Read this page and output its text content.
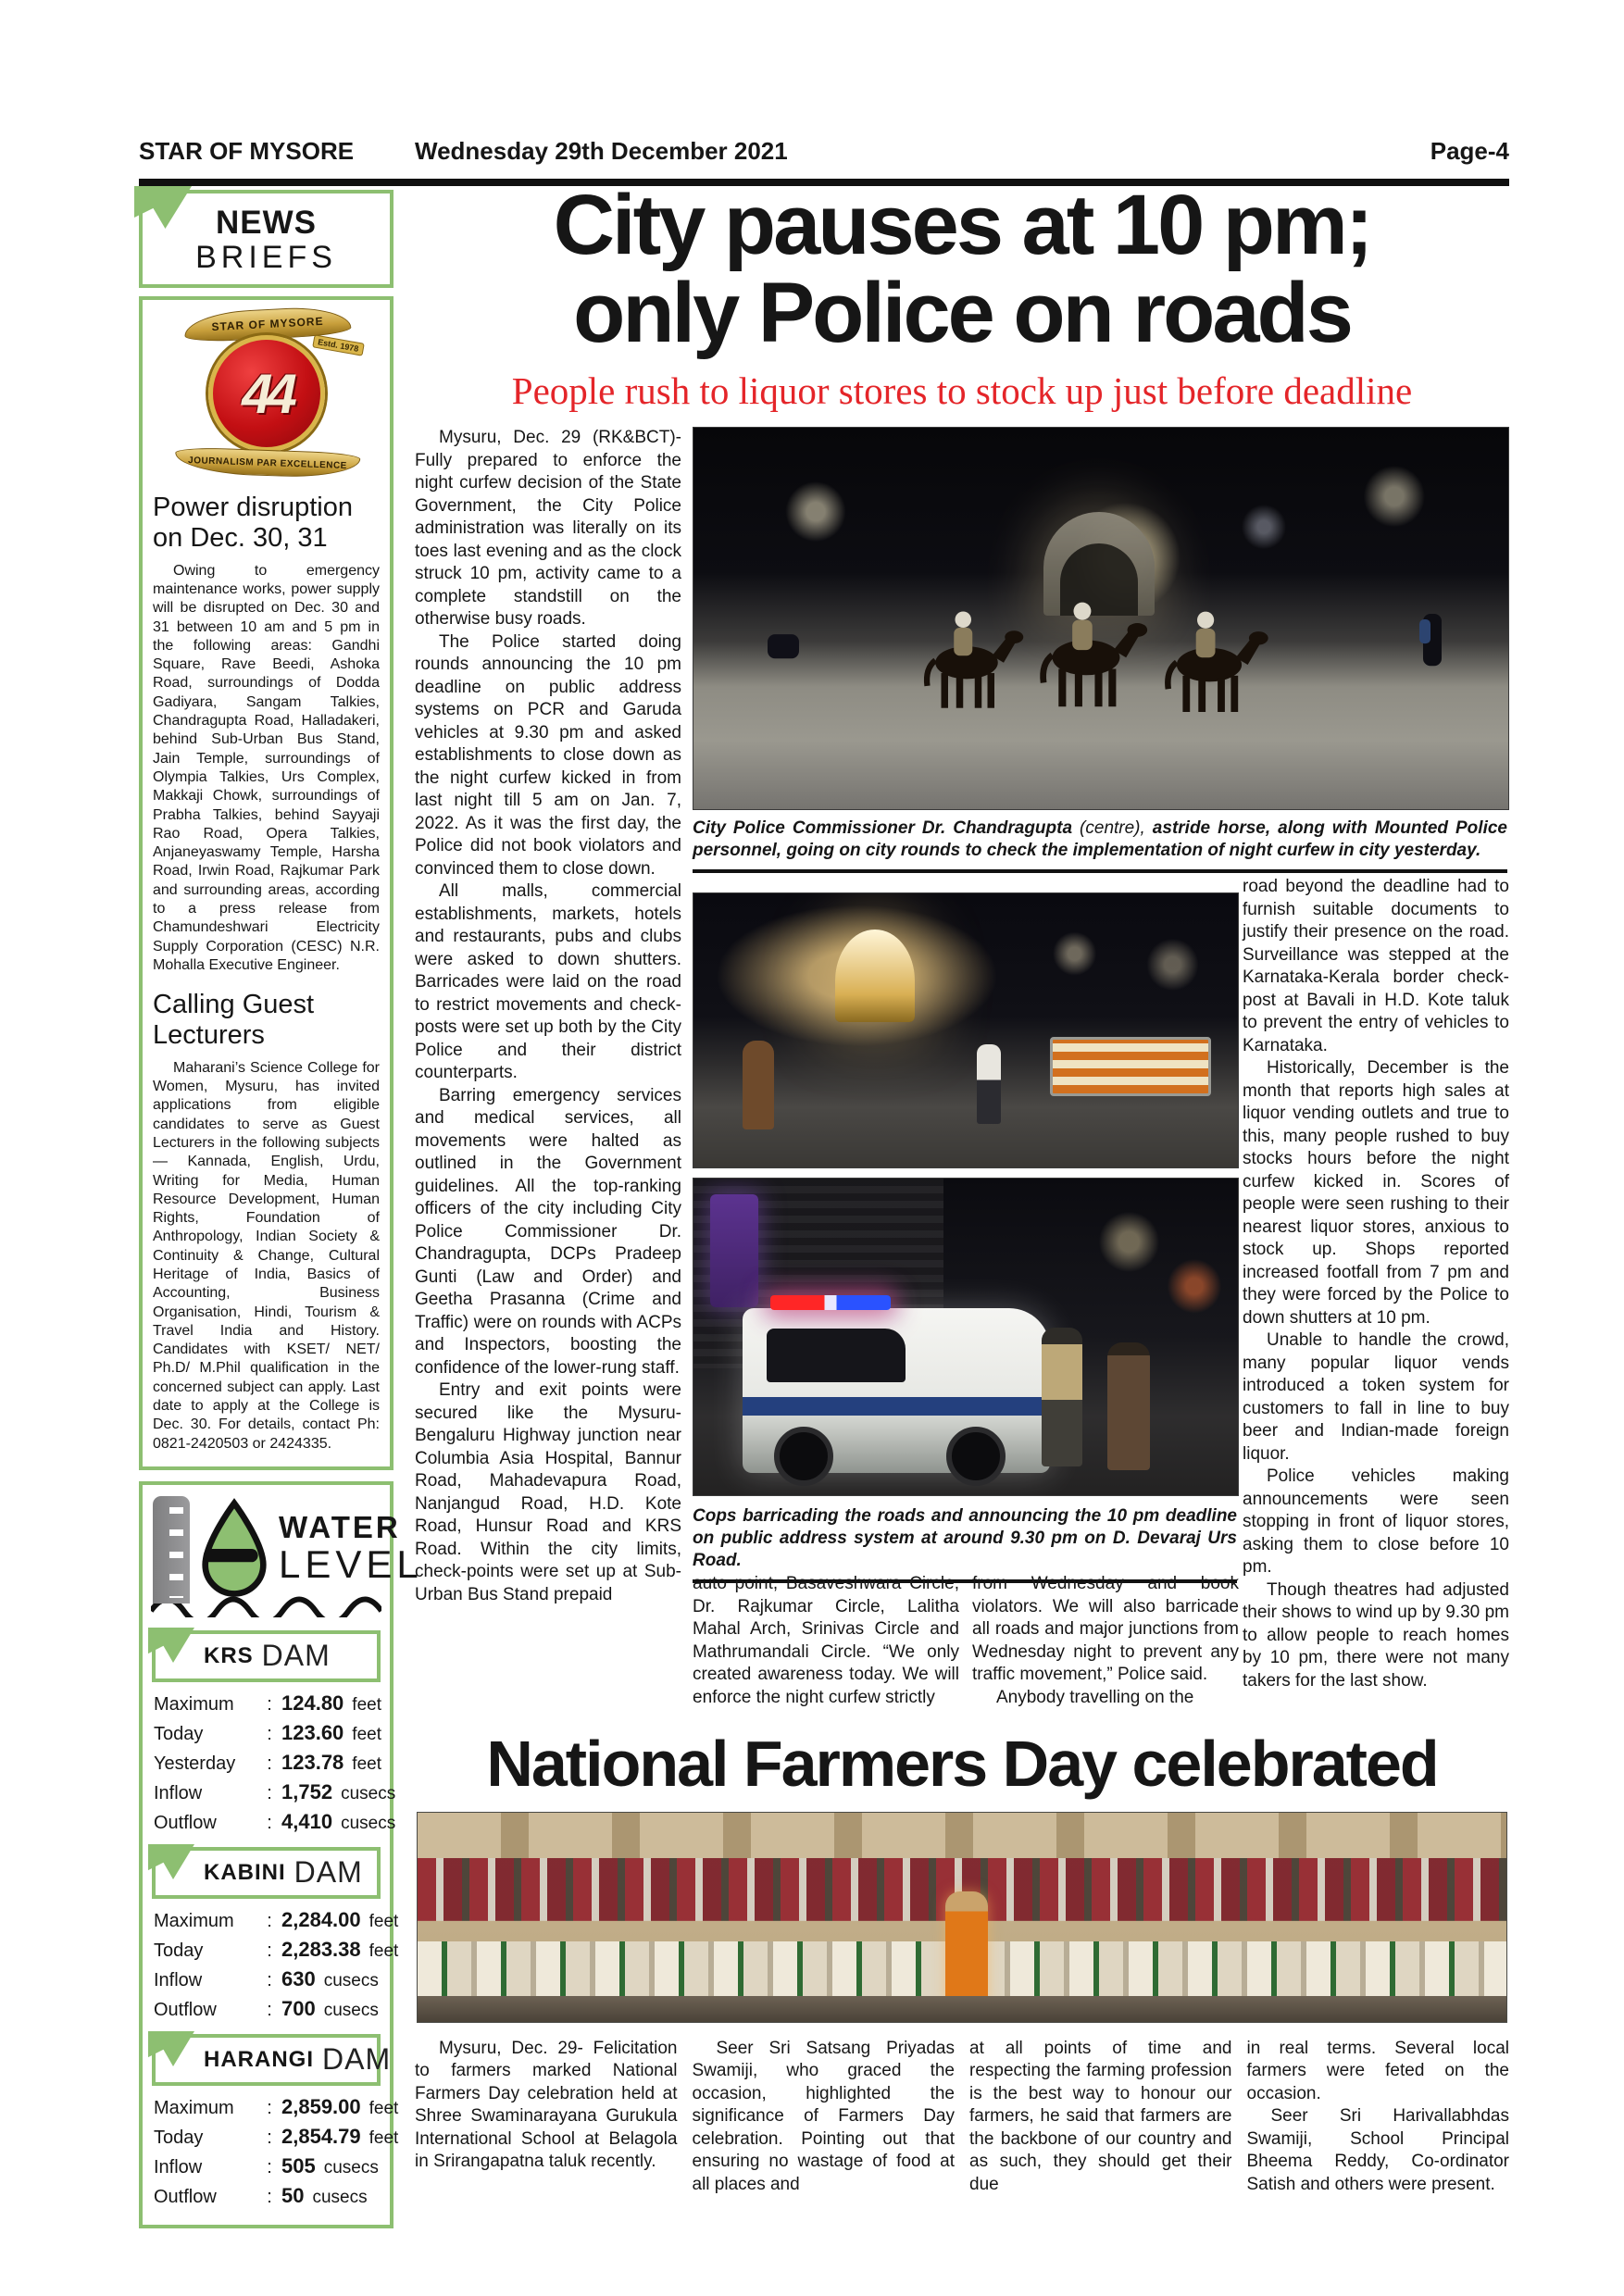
STAR OF MYSORE	Wednesday 29th December 2021	Page-4
NEWS
BRIEFS
STAR OF MYSORE
Estd. 1978
44
JOURNALISM PAR EXCELLENCE
Power disruption on Dec. 30, 31

Owing to emergency maintenance works, power supply will be disrupted on Dec. 30 and 31 between 10 am and 5 pm in the following areas: Gandhi Square, Rave Beedi, Ashoka Road, surroundings of Dodda Gadiyara, Sangam Talkies, Chandragupta Road, Halladakeri, behind Sub-Urban Bus Stand, Jain Temple, surroundings of Olympia Talkies, Urs Complex, Makkaji Chowk, surroundings of Prabha Talkies, behind Sayyaji Rao Road, Opera Talkies, Anjaneyaswamy Temple, Harsha Road, Irwin Road, Rajkumar Park and surrounding areas, according to a press release from Chamundeshwari Electricity Supply Corporation (CESC) N.R. Mohalla Executive Engineer.

Calling Guest Lecturers

Maharani’s Science College for Women, Mysuru, has invited applications from eligible candidates to serve as Guest Lecturers in the following subjects — Kannada, English, Urdu, Writing for Media, Human Resource Development, Human Rights, Foundation of Anthropology, Indian Society & Continuity & Change, Cultural Heritage of India, Basics of Accounting, Business Organisation, Hindi, Tourism & Travel India and History. Candidates with KSET/ NET/ Ph.D/ M.Phil qualification in the concerned subject can apply. Last date to apply at the College is Dec. 30. For details, contact Ph: 0821-2420503 or 2424335.

WATER
LEVEL
KRS DAM
Maximum	: 124.80 feet
Today	: 123.60 feet
Yesterday	: 123.78 feet
Inflow	: 1,752 cusecs
Outflow	: 4,410 cusecs
KABINI DAM
Maximum	: 2,284.00 feet
Today	: 2,283.38 feet
Inflow	: 630 cusecs
Outflow	: 700 cusecs
HARANGI DAM
Maximum	: 2,859.00 feet
Today	: 2,854.79 feet
Inflow	: 505 cusecs
Outflow	: 50 cusecs
City pauses at 10 pm;
only Police on roads
People rush to liquor stores to stock up just before deadline

Mysuru, Dec. 29 (RK&BCT)- Fully prepared to enforce the night curfew decision of the State Government, the City Police administration was literally on its toes last evening and as the clock struck 10 pm, activity came to a complete standstill on the otherwise busy roads.

The Police started doing rounds announcing the 10 pm deadline on public address systems on PCR and Garuda vehicles at 9.30 pm and asked establishments to close down as the night curfew kicked in from last night till 5 am on Jan. 7, 2022. As it was the first day, the Police did not book violators and convinced them to close down.

All malls, commercial establishments, markets, hotels and restaurants, pubs and clubs were asked to down shutters. Barricades were laid on the road to restrict movements and check-posts were set up both by the City Police and their district counterparts.

Barring emergency services and medical services, all movements were halted as outlined in the Government guidelines. All the top-ranking officers of the city including City Police Commissioner Dr. Chandragupta, DCPs Pradeep Gunti (Law and Order) and Geetha Prasanna (Crime and Traffic) were on rounds with ACPs and Inspectors, boosting the confidence of the lower-rung staff.

Entry and exit points were secured like the Mysuru-Bengaluru Highway junction near Columbia Asia Hospital, Bannur Road, Mahadevapura Road, Nanjangud Road, H.D. Kote Road, Hunsur Road and KRS Road. Within the city limits, check-points were set up at Sub-Urban Bus Stand prepaid

City Police Commissioner Dr. Chandragupta (centre), astride horse, along with Mounted Police personnel, going on city rounds to check the implementation of night curfew in city yesterday.
Cops barricading the roads and announcing the 10 pm deadline on public address system at around 9.30 pm on D. Devaraj Urs Road.

auto point, Basaveshwara Circle, Dr. Rajkumar Circle, Lalitha Mahal Arch, Srinivas Circle and Mathrumandali Circle. “We only created awareness today. We will enforce the night curfew strictly

from Wednesday and book violators. We will also barricade all roads and major junctions from Wednesday night to prevent any traffic movement,” Police said.

Anybody travelling on the

road beyond the deadline had to furnish suitable documents to justify their presence on the road. Surveillance was stepped at the Karnataka-Kerala border check-post at Bavali in H.D. Kote taluk to prevent the entry of vehicles to Karnataka.

Historically, December is the month that reports high sales at liquor vending outlets and true to this, many people rushed to buy stocks hours before the night curfew kicked in. Scores of people were seen rushing to their nearest liquor stores, anxious to stock up. Shops reported increased footfall from 7 pm and they were forced by the Police to down shutters at 10 pm.

Unable to handle the crowd, many popular liquor vends introduced a token system for customers to fall in line to buy beer and Indian-made foreign liquor.

Police vehicles making announcements were seen stopping in front of liquor stores, asking them to close before 10 pm.

Though theatres had adjusted their shows to wind up by 9.30 pm to allow people to reach homes by 10 pm, there were not many takers for the last show.

National Farmers Day celebrated

Mysuru, Dec. 29- Felicitation to farmers marked National Farmers Day celebration held at Shree Swaminarayana Gurukula International School at Belagola in Srirangapatna taluk recently.

Seer Sri Satsang Priyadas Swamiji, who graced the occasion, highlighted the significance of Farmers Day celebration. Pointing out that ensuring no wastage of food at all places and

at all points of time and respecting the farming profession is the best way to honour our farmers, he said that farmers are the backbone of our country and as such, they should get their due

in real terms. Several local farmers were feted on the occasion.

Seer Sri Harivallabhdas Swamiji, School Principal Bheema Reddy, Co-ordinator Satish and others were present.
